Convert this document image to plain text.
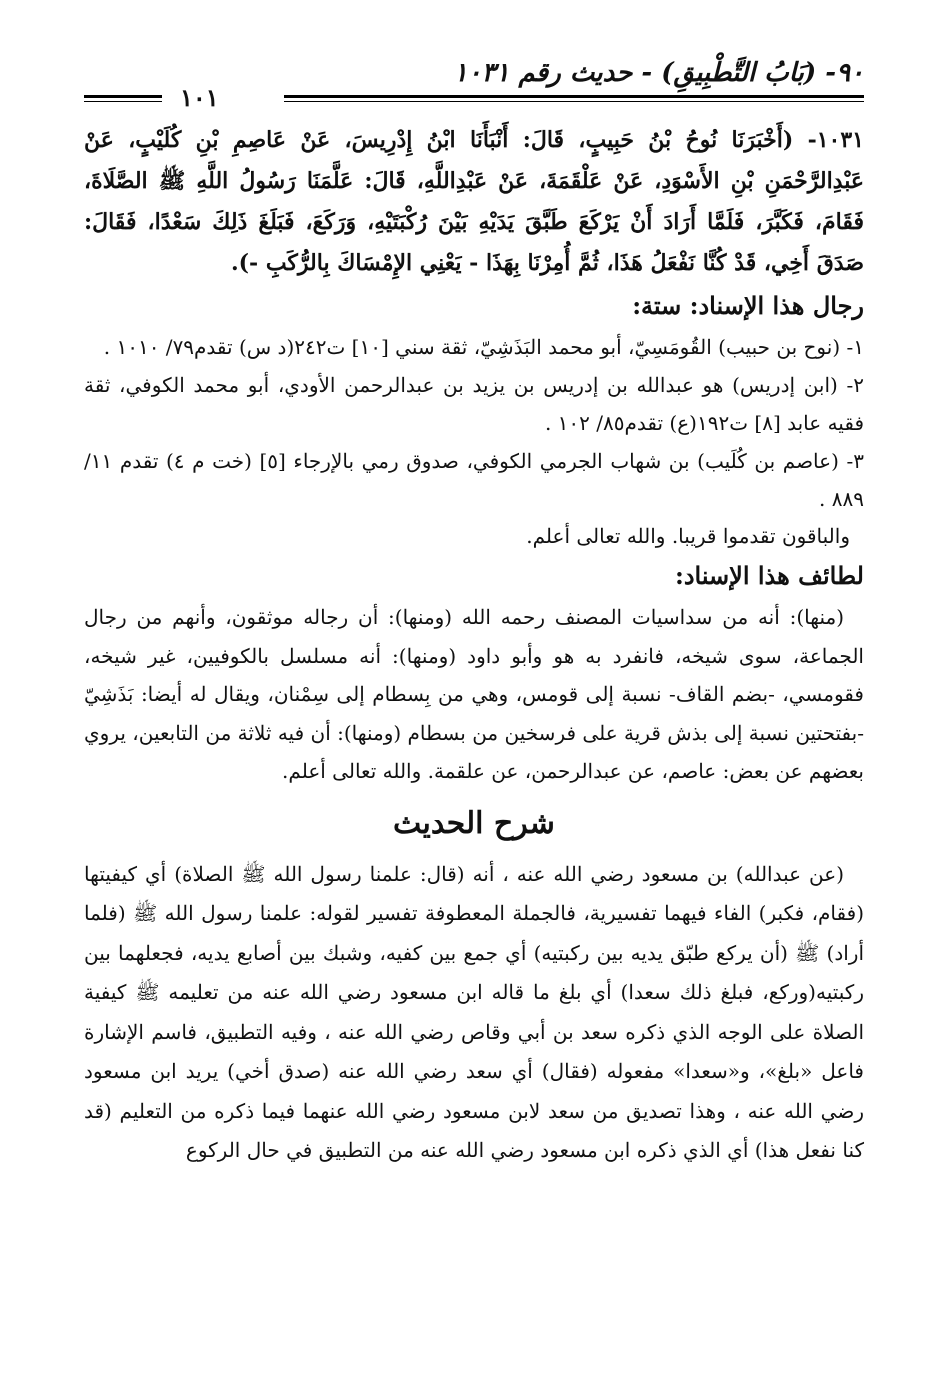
٩٠- (بَابُ التَّطْبِيقِ) - حديث رقم ١٠٣١
١٠١

١٠٣١- (أَخْبَرَنَا نُوحُ بْنُ حَبِيبٍ، قَالَ: أَنْبَأَنَا ابْنُ إِدْرِيسَ، عَنْ عَاصِمِ بْنِ كُلَيْبٍ، عَنْ عَبْدِالرَّحْمَنِ بْنِ الأَسْوَدِ، عَنْ عَلْقَمَةَ، عَنْ عَبْدِاللَّهِ، قَالَ: عَلَّمَنَا رَسُولُ اللَّهِ ﷺ الصَّلَاةَ، فَقَامَ، فَكَبَّرَ، فَلَمَّا أَرَادَ أَنْ يَرْكَعَ طَبَّقَ يَدَيْهِ بَيْنَ رُكْبَتَيْهِ، وَرَكَعَ، فَبَلَغَ ذَلِكَ سَعْدًا، فَقَالَ: صَدَقَ أَخِي، قَدْ كُنَّا نَفْعَلُ هَذَا، ثُمَّ أُمِرْنَا بِهَذَا - يَعْنِي الإِمْسَاكَ بِالرُّكَبِ -).

رجال هذا الإسناد: ستة:

١- (نوح بن حبيب) القُومَسِيّ، أبو محمد البَذَشِيّ، ثقة سني [١٠] ت٢٤٢(د س) تقدم٧٩/ ١٠١٠ .

٢- (ابن إدريس) هو عبدالله بن إدريس بن يزيد بن عبدالرحمن الأودي، أبو محمد الكوفي، ثقة فقيه عابد [٨] ت١٩٢(ع) تقدم٨٥/ ١٠٢ .

٣- (عاصم بن كُلَيب) بن شهاب الجرمي الكوفي، صدوق رمي بالإرجاء [٥] (خت م ٤) تقدم ١١/ ٨٨٩ .

والباقون تقدموا قريبا. والله تعالى أعلم.

لطائف هذا الإسناد:

(منها): أنه من سداسيات المصنف رحمه الله (ومنها): أن رجاله موثقون، وأنهم من رجال الجماعة، سوى شيخه، فانفرد به هو وأبو داود (ومنها): أنه مسلسل بالكوفيين، غير شيخه، فقومسي، -بضم القاف- نسبة إلى قومس، وهي من بِسطام إلى سِمْنان، ويقال له أيضا: بَذَشِيّ -بفتحتين نسبة إلى بذش قرية على فرسخين من بسطام (ومنها): أن فيه ثلاثة من التابعين، يروي بعضهم عن بعض: عاصم، عن عبدالرحمن، عن علقمة. والله تعالى أعلم.

شرح الحديث

(عن عبدالله) بن مسعود رضي الله عنه ، أنه (قال: علمنا رسول الله ﷺ الصلاة) أي كيفيتها (فقام، فكبر) الفاء فيهما تفسيرية، فالجملة المعطوفة تفسير لقوله: علمنا رسول الله ﷺ (فلما أراد) ﷺ (أن يركع طبّق يديه بين ركبتيه) أي جمع بين كفيه، وشبك بين أصابع يديه، فجعلهما بين ركبتيه(وركع، فبلغ ذلك سعدا) أي بلغ ما قاله ابن مسعود رضي الله عنه من تعليمه ﷺ كيفية الصلاة على الوجه الذي ذكره سعد بن أبي وقاص رضي الله عنه ، وفيه التطبيق، فاسم الإشارة فاعل «بلغ»، و«سعدا» مفعوله (فقال) أي سعد رضي الله عنه (صدق أخي) يريد ابن مسعود رضي الله عنه ، وهذا تصديق من سعد لابن مسعود رضي الله عنهما فيما ذكره من التعليم (قد كنا نفعل هذا) أي الذي ذكره ابن مسعود رضي الله عنه من التطبيق في حال الركوع
